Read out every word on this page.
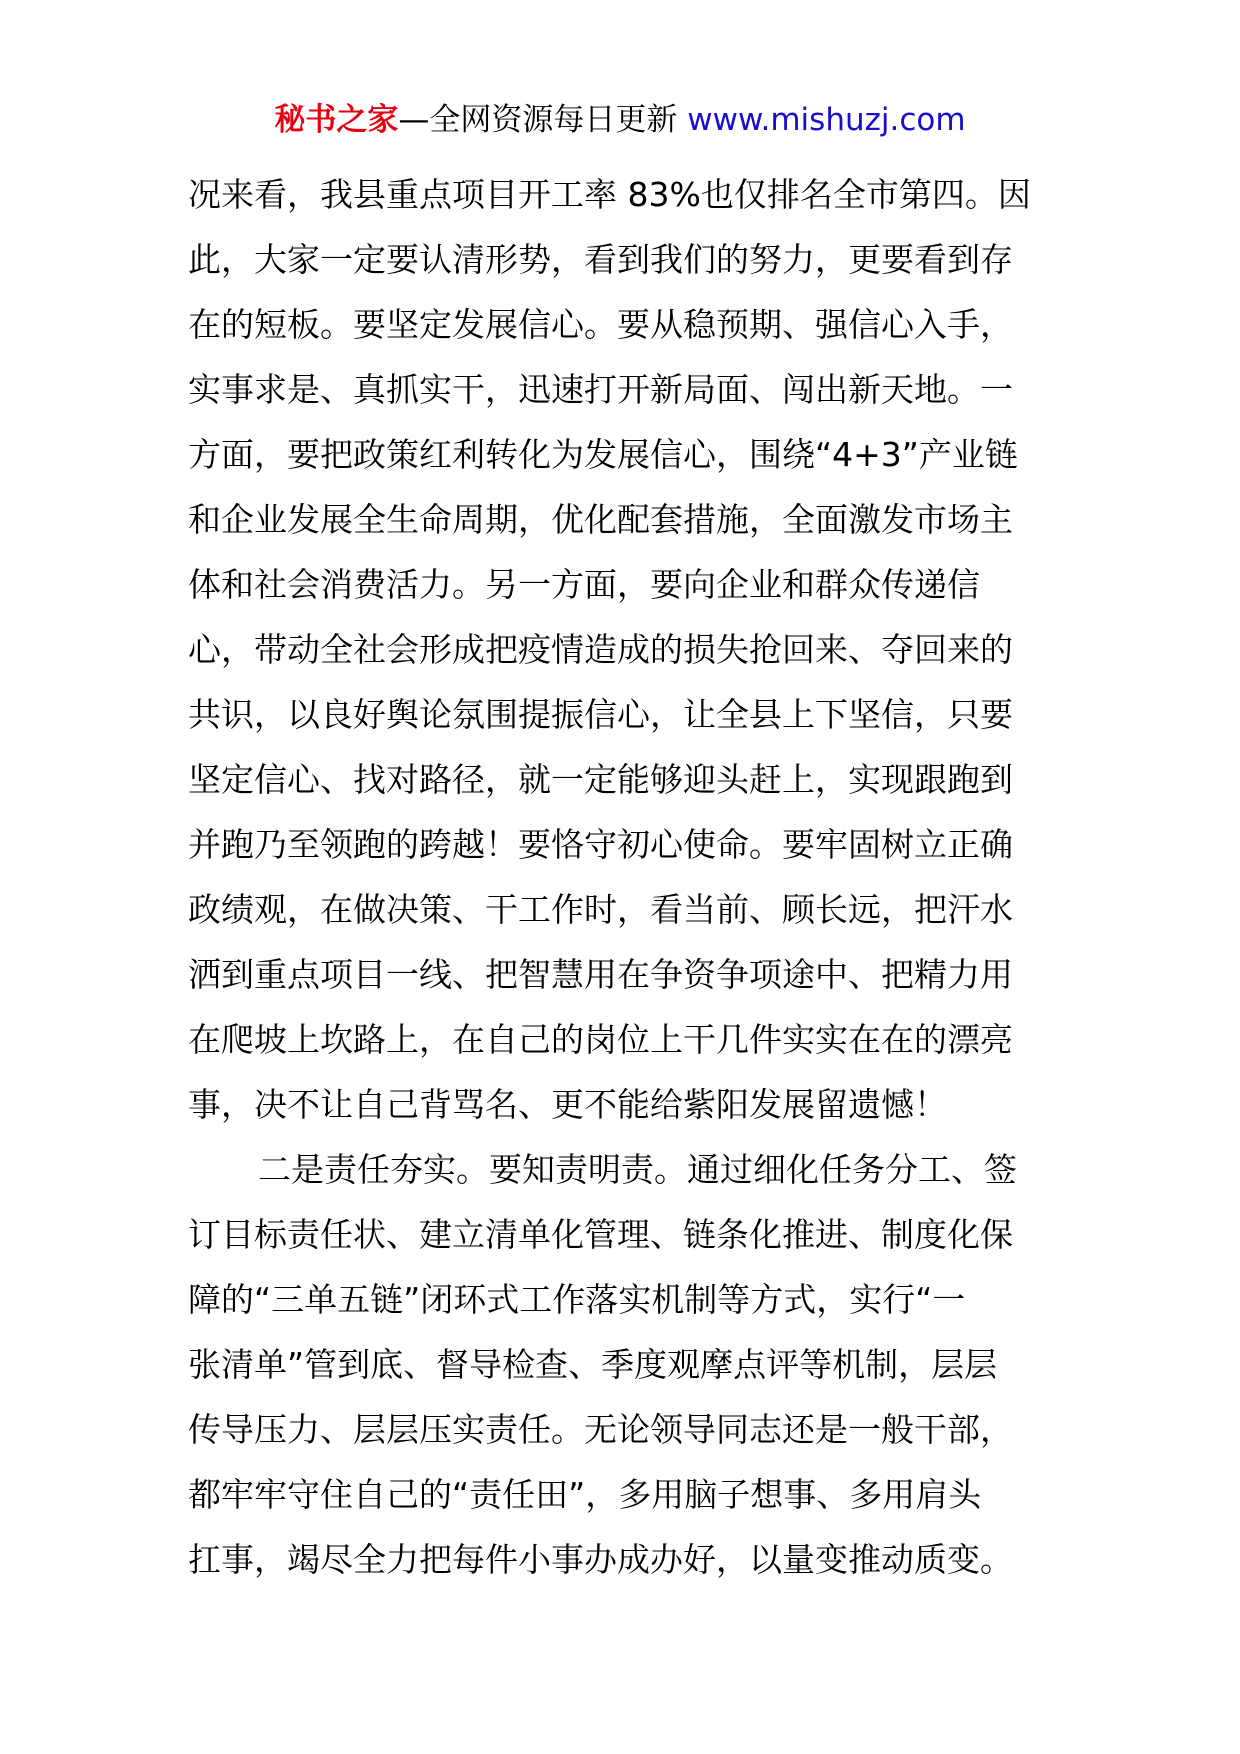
秘书之家—全网资源每日更新 www.mishuzj.com
况来看，我县重点项目开工率 83%也仅排名全市第四。因
此，大家一定要认清形势，看到我们的努力，更要看到存
在的短板。要坚定发展信心。要从稳预期、强信心入手，
实事求是、真抓实干，迅速打开新局面、闯出新天地。一
方面，要把政策红利转化为发展信心，围绕“4+3”产业链
和企业发展全生命周期，优化配套措施，全面激发市场主
体和社会消费活力。另一方面，要向企业和群众传递信
心，带动全社会形成把疫情造成的损失抢回来、夺回来的
共识，以良好舆论氛围提振信心，让全县上下坚信，只要
坚定信心、找对路径，就一定能够迎头赶上，实现跟跑到
并跑乃至领跑的跨越！要恪守初心使命。要牢固树立正确
政绩观，在做决策、干工作时，看当前、顾长远，把汗水
洒到重点项目一线、把智慧用在争资争项途中、把精力用
在爬坡上坎路上，在自己的岗位上干几件实实在在的漂亮
事，决不让自己背骂名、更不能给紫阳发展留遗憾！
二是责任夯实。要知责明责。通过细化任务分工、签
订目标责任状、建立清单化管理、链条化推进、制度化保
障的“三单五链”闭环式工作落实机制等方式，实行“一
张清单”管到底、督导检查、季度观摩点评等机制，层层
传导压力、层层压实责任。无论领导同志还是一般干部，
都牢牢守住自己的“责任田”，多用脑子想事、多用肩头
扛事，竭尽全力把每件小事办成办好，以量变推动质变。
